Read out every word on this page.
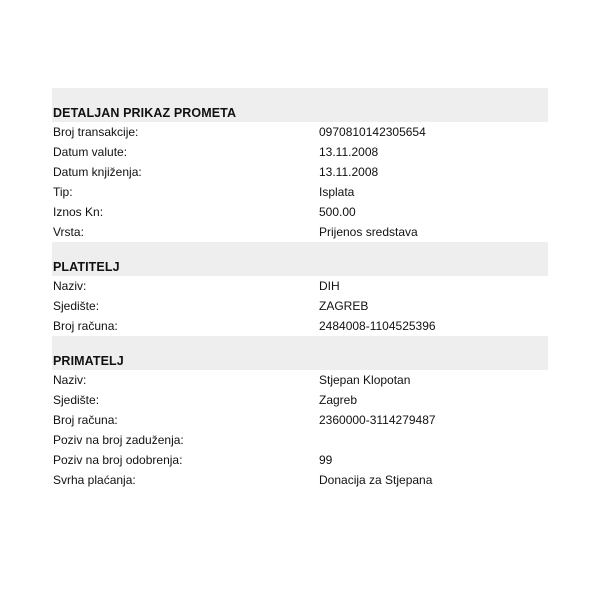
DETALJAN PRIKAZ PROMETA
Broj transakcije:	0970810142305654
Datum valute:	13.11.2008
Datum knjiženja:	13.11.2008
Tip:	Isplata
Iznos Kn:	500.00
Vrsta:	Prijenos sredstava
PLATITELJ
Naziv:	DIH
Sjedište:	ZAGREB
Broj računa:	2484008-1104525396
PRIMATELJ
Naziv:	Stjepan Klopotan
Sjedište:	Zagreb
Broj računa:	2360000-3114279487
Poziv na broj zaduženja:
Poziv na broj odobrenja:	99
Svrha plaćanja:	Donacija za Stjepana
